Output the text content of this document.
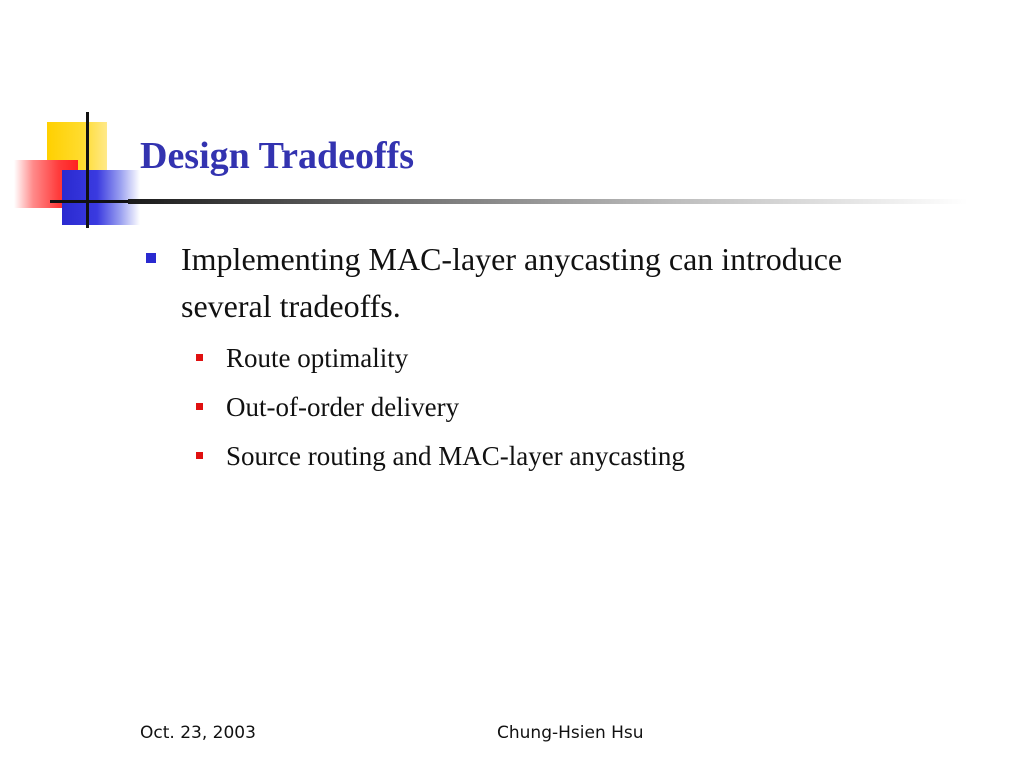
Design Tradeoffs
Implementing MAC-layer anycasting can introduce several tradeoffs.
Route optimality
Out-of-order delivery
Source routing and MAC-layer anycasting
Oct. 23, 2003	Chung-Hsien Hsu
